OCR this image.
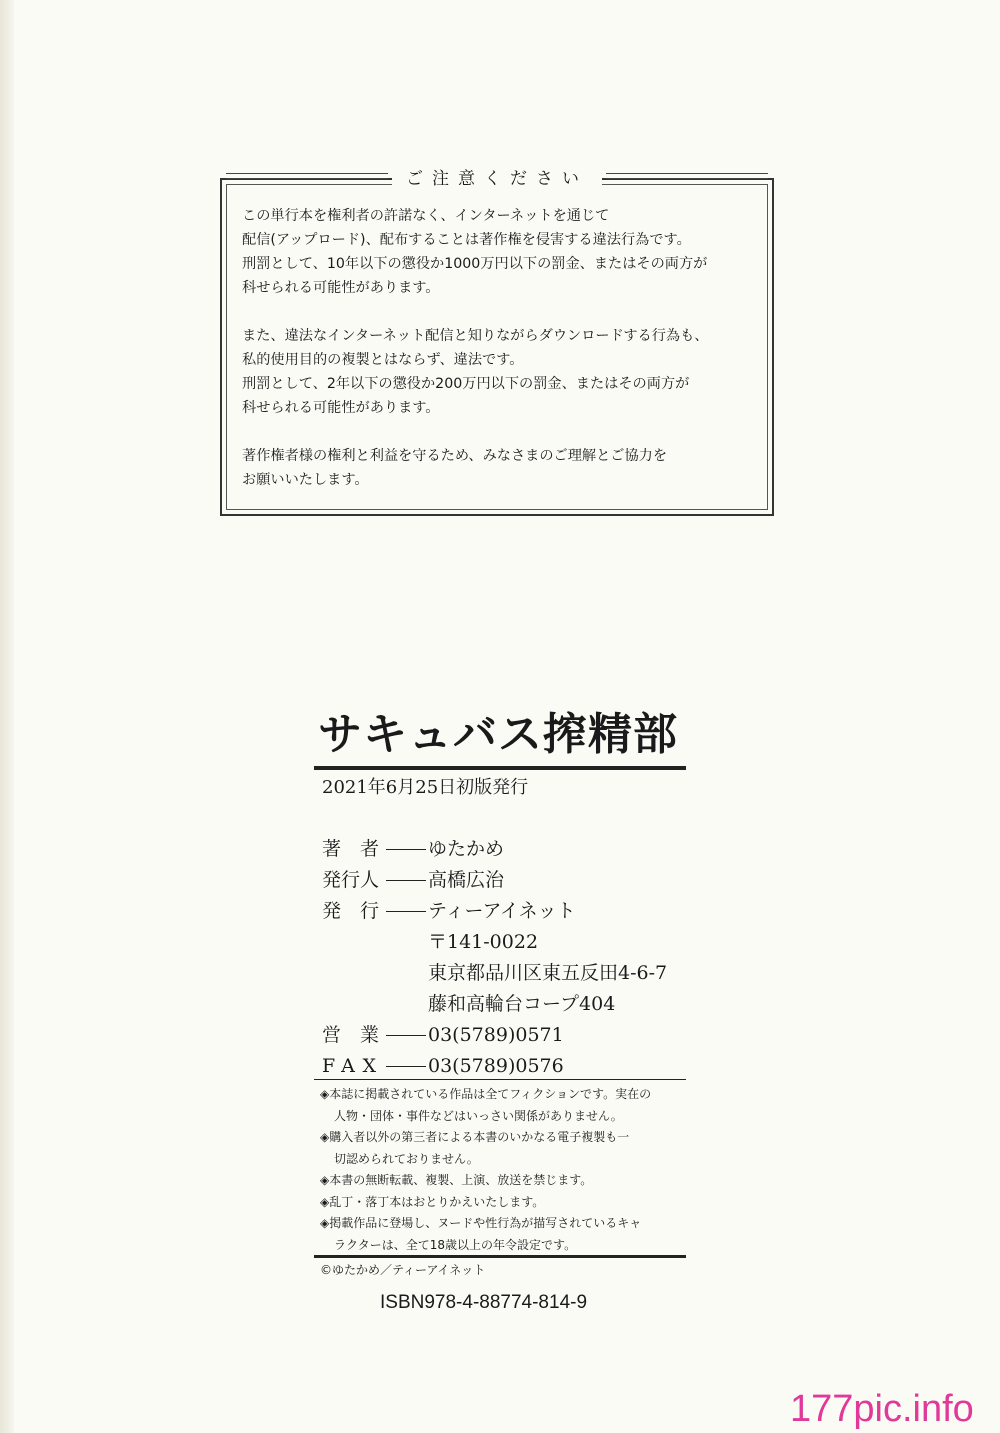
ご注意ください
この単行本を権利者の許諾なく、インターネットを通じて
配信(アップロード)、配布することは著作権を侵害する違法行為です。
刑罰として、10年以下の懲役か1000万円以下の罰金、またはその両方が
科せられる可能性があります。
また、違法なインターネット配信と知りながらダウンロードする行為も、
私的使用目的の複製とはならず、違法です。
刑罰として、2年以下の懲役か200万円以下の罰金、またはその両方が
科せられる可能性があります。
著作権者様の権利と利益を守るため、みなさまのご理解とご協力を
お願いいたします。
サキュバス搾精部
2021年6月25日初版発行
著　者	ゆたかめ
発行人	高橋広治
発　行	ティーアイネット
〒141-0022
東京都品川区東五反田4-6-7
藤和高輪台コープ404
営　業	03(5789)0571
FAX 03(5789)0576
◈本誌に掲載されている作品は全てフィクションです。実在の
人物・団体・事件などはいっさい関係がありません。
◈購入者以外の第三者による本書のいかなる電子複製も一
切認められておりません。
◈本書の無断転載、複製、上演、放送を禁じます。
◈乱丁・落丁本はおとりかえいたします。
◈掲載作品に登場し、ヌードや性行為が描写されているキャ
ラクターは、全て18歳以上の年令設定です。
©ゆたかめ／ティーアイネット
ISBN978-4-88774-814-9
177pic.info
